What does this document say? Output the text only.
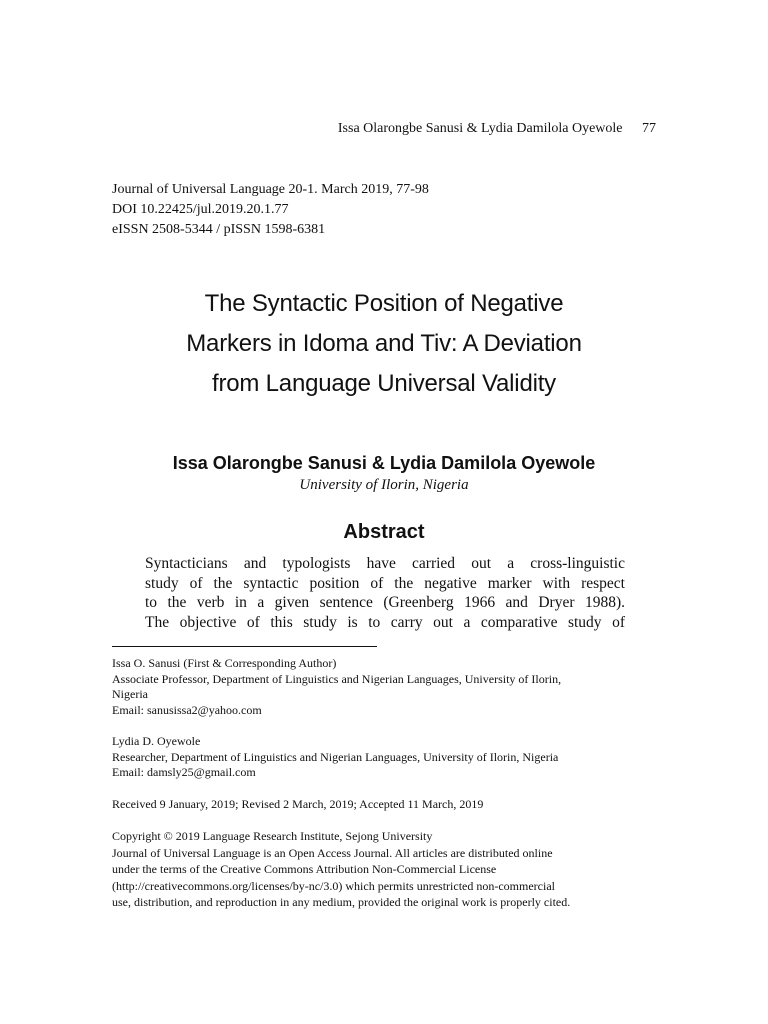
Issa Olarongbe Sanusi & Lydia Damilola Oyewole 77
Journal of Universal Language 20-1. March 2019, 77-98
DOI 10.22425/jul.2019.20.1.77
eISSN 2508-5344 / pISSN 1598-6381
The Syntactic Position of Negative
Markers in Idoma and Tiv: A Deviation
from Language Universal Validity
Issa Olarongbe Sanusi & Lydia Damilola Oyewole
University of Ilorin, Nigeria
Abstract
Syntacticians and typologists have carried out a cross-linguistic
study of the syntactic position of the negative marker with respect
to the verb in a given sentence (Greenberg 1966 and Dryer 1988).
The objective of this study is to carry out a comparative study of
Issa O. Sanusi (First & Corresponding Author)
Associate Professor, Department of Linguistics and Nigerian Languages, University of Ilorin,
Nigeria
Email: sanusissa2@yahoo.com
Lydia D. Oyewole
Researcher, Department of Linguistics and Nigerian Languages, University of Ilorin, Nigeria
Email: damsly25@gmail.com
Received 9 January, 2019; Revised 2 March, 2019; Accepted 11 March, 2019
Copyright © 2019 Language Research Institute, Sejong University
Journal of Universal Language is an Open Access Journal. All articles are distributed online
under the terms of the Creative Commons Attribution Non-Commercial License
(http://creativecommons.org/licenses/by-nc/3.0) which permits unrestricted non-commercial
use, distribution, and reproduction in any medium, provided the original work is properly cited.
